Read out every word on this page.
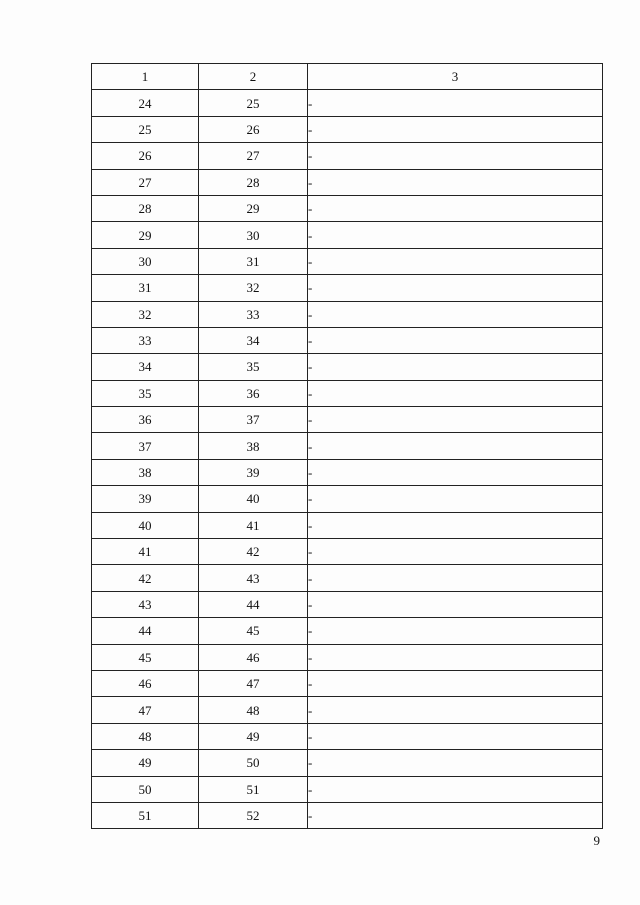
1	2	3
24	25	-
25	26	-
26	27	-
27	28	-
28	29	-
29	30	-
30	31	-
31	32	-
32	33	-
33	34	-
34	35	-
35	36	-
36	37	-
37	38	-
38	39	-
39	40	-
40	41	-
41	42	-
42	43	-
43	44	-
44	45	-
45	46	-
46	47	-
47	48	-
48	49	-
49	50	-
50	51	-
51	52	-
9
